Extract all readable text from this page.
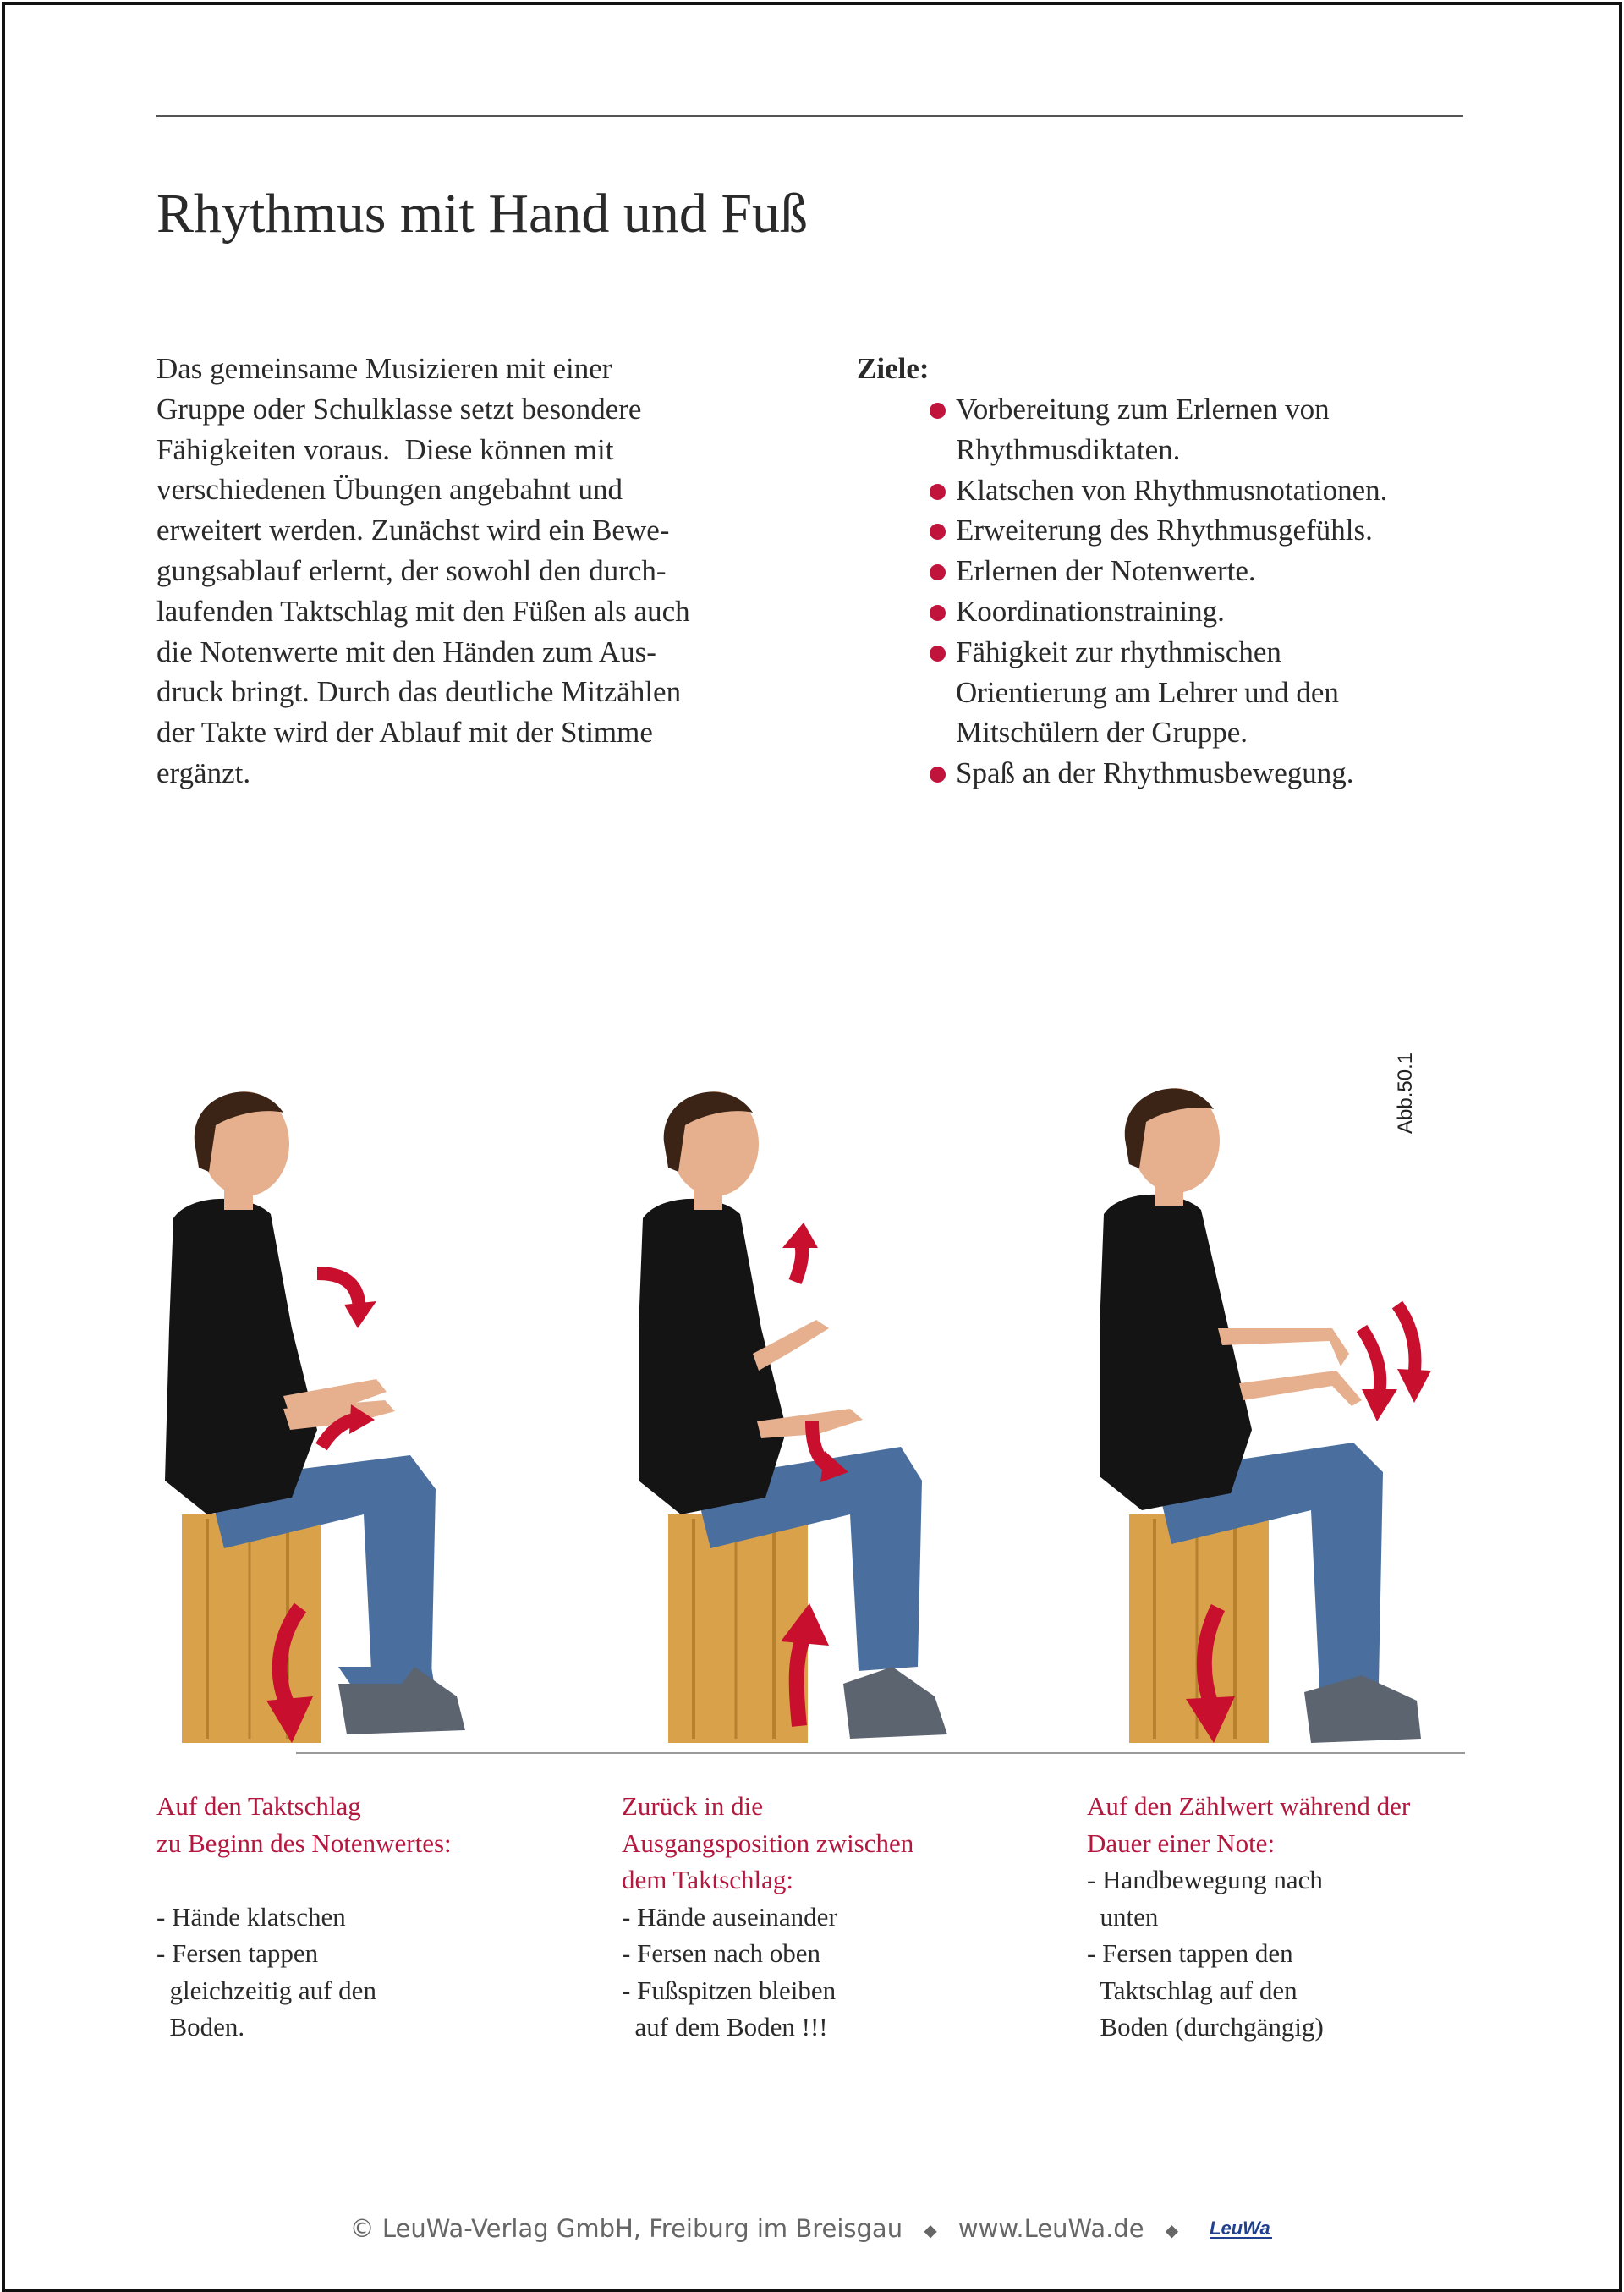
Rhythmus mit Hand und Fuß
Das gemeinsame Musizieren mit einer
Gruppe oder Schulklasse setzt besondere
Fähigkeiten voraus.  Diese können mit
verschiedenen Übungen angebahnt und
erweitert werden. Zunächst wird ein Bewe-
gungsablauf erlernt, der sowohl den durch-
laufenden Taktschlag mit den Füßen als auch
die Notenwerte mit den Händen zum Aus-
druck bringt. Durch das deutliche Mitzählen
der Takte wird der Ablauf mit der Stimme
ergänzt.
Ziele:
Vorbereitung zum Erlernen von
Rhythmusdiktaten.
Klatschen von Rhythmusnotationen.
Erweiterung des Rhythmusgefühls.
Erlernen der Notenwerte.
Koordinationstraining.
Fähigkeit zur rhythmischen
Orientierung am Lehrer und den
Mitschülern der Gruppe.
Spaß an der Rhythmusbewegung.
Abb.50.1
Auf den Taktschlag
zu Beginn des Notenwertes:
- Hände klatschen
- Fersen tappen
gleichzeitig auf den
Boden.
Zurück in die
Ausgangsposition zwischen
dem Taktschlag:
- Hände auseinander
- Fersen nach oben
- Fußspitzen bleiben
auf dem Boden !!!
Auf den Zählwert während der
Dauer einer Note:
- Handbewegung nach
unten
- Fersen tappen den
Taktschlag auf den
Boden (durchgängig)
© LeuWa-Verlag GmbH, Freiburg im Breisgau ◆ www.LeuWa.de ◆ LeuWa
